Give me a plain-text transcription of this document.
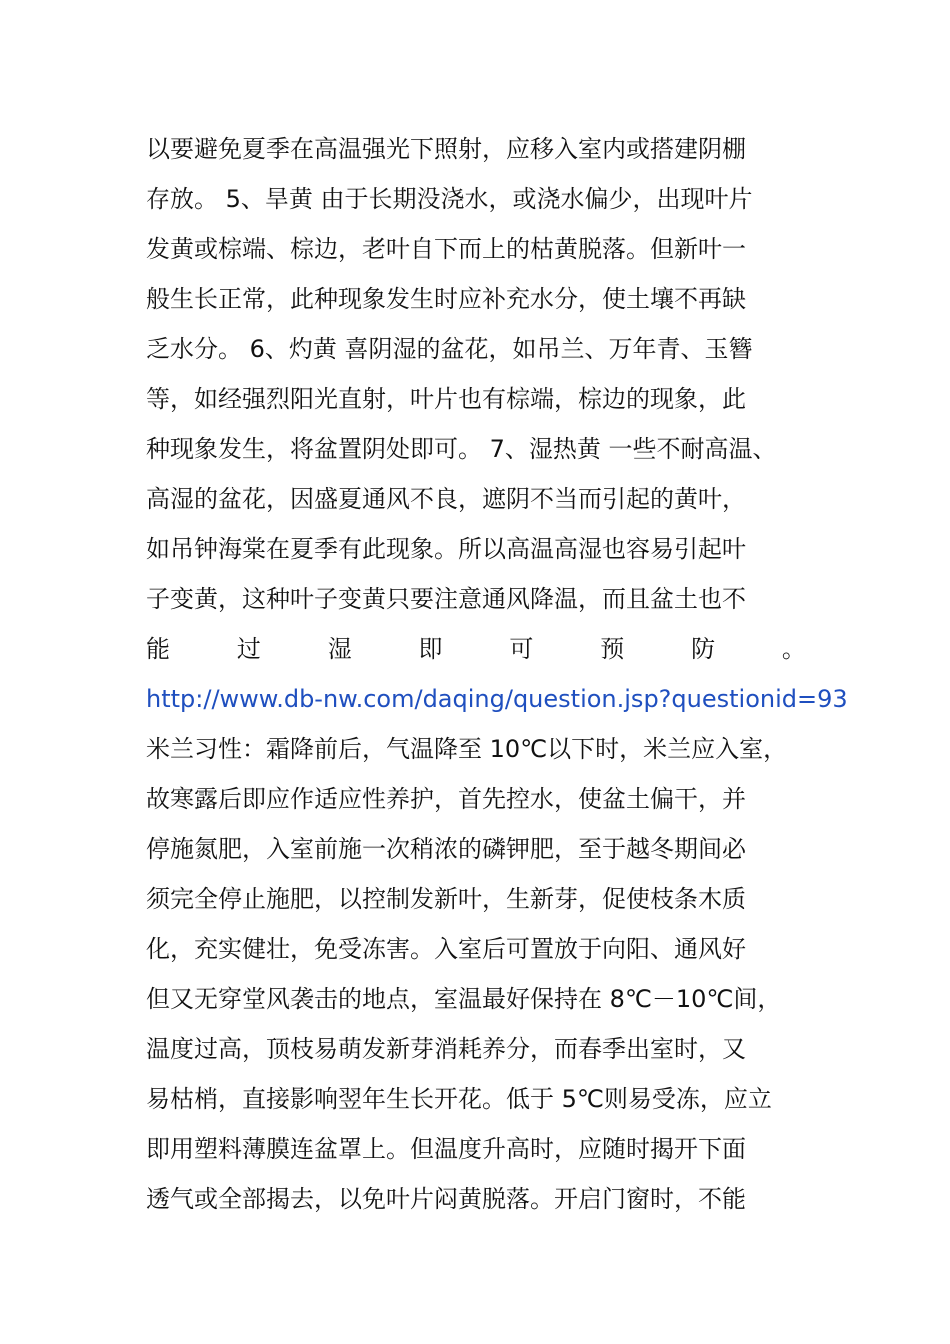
以要避免夏季在高温强光下照射，应移入室内或搭建阴棚
存放。 5、旱黄 由于长期没浇水，或浇水偏少，出现叶片
发黄或棕端、棕边，老叶自下而上的枯黄脱落。但新叶一
般生长正常，此种现象发生时应补充水分，使土壤不再缺
乏水分。 6、灼黄 喜阴湿的盆花，如吊兰、万年青、玉簪
等，如经强烈阳光直射，叶片也有棕端，棕边的现象，此
种现象发生，将盆置阴处即可。 7、湿热黄 一些不耐高温、
高湿的盆花，因盛夏通风不良，遮阴不当而引起的黄叶，
如吊钟海棠在夏季有此现象。所以高温高湿也容易引起叶
子变黄，这种叶子变黄只要注意通风降温，而且盆土也不
能	过	湿	即	可	预	防	。
http://www.db-nw.com/daqing/question.jsp?questionid=93
米兰习性：霜降前后，气温降至 10℃以下时，米兰应入室，
故寒露后即应作适应性养护，首先控水，使盆土偏干，并
停施氮肥，入室前施一次稍浓的磷钾肥，至于越冬期间必
须完全停止施肥，以控制发新叶，生新芽，促使枝条木质
化，充实健壮，免受冻害。入室后可置放于向阳、通风好
但又无穿堂风袭击的地点，室温最好保持在 8℃－10℃间，
温度过高，顶枝易萌发新芽消耗养分，而春季出室时，又
易枯梢，直接影响翌年生长开花。低于 5℃则易受冻，应立
即用塑料薄膜连盆罩上。但温度升高时，应随时揭开下面
透气或全部揭去，以免叶片闷黄脱落。开启门窗时，不能
